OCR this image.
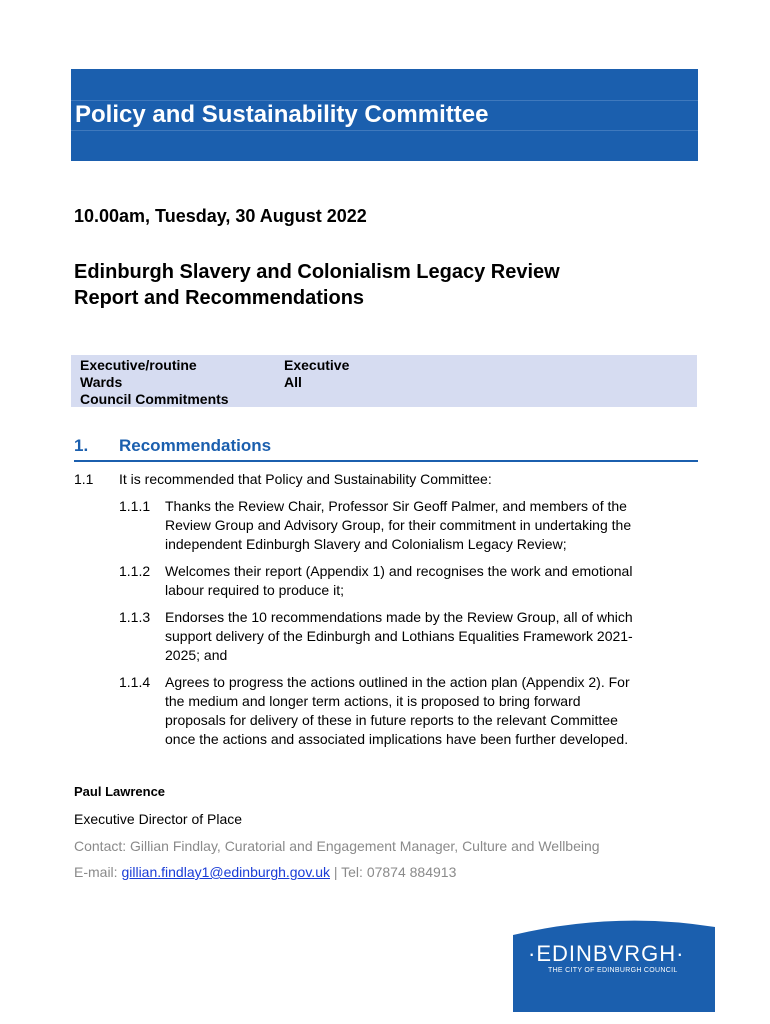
Policy and Sustainability Committee
10.00am, Tuesday, 30 August 2022
Edinburgh Slavery and Colonialism Legacy Review
Report and Recommendations
Executive/routine	Executive
Wards	All
Council Commitments
1. Recommendations
1.1 It is recommended that Policy and Sustainability Committee:
1.1.1 Thanks the Review Chair, Professor Sir Geoff Palmer, and members of the
Review Group and Advisory Group, for their commitment in undertaking the
independent Edinburgh Slavery and Colonialism Legacy Review;
1.1.2 Welcomes their report (Appendix 1) and recognises the work and emotional
labour required to produce it;
1.1.3 Endorses the 10 recommendations made by the Review Group, all of which
support delivery of the Edinburgh and Lothians Equalities Framework 2021-
2025; and
1.1.4 Agrees to progress the actions outlined in the action plan (Appendix 2). For
the medium and longer term actions, it is proposed to bring forward
proposals for delivery of these in future reports to the relevant Committee
once the actions and associated implications have been further developed.
Paul Lawrence
Executive Director of Place
Contact: Gillian Findlay, Curatorial and Engagement Manager, Culture and Wellbeing
E-mail: gillian.findlay1@edinburgh.gov.uk | Tel: 07874 884913
·EDINBVRGH·
THE CITY OF EDINBURGH COUNCIL
